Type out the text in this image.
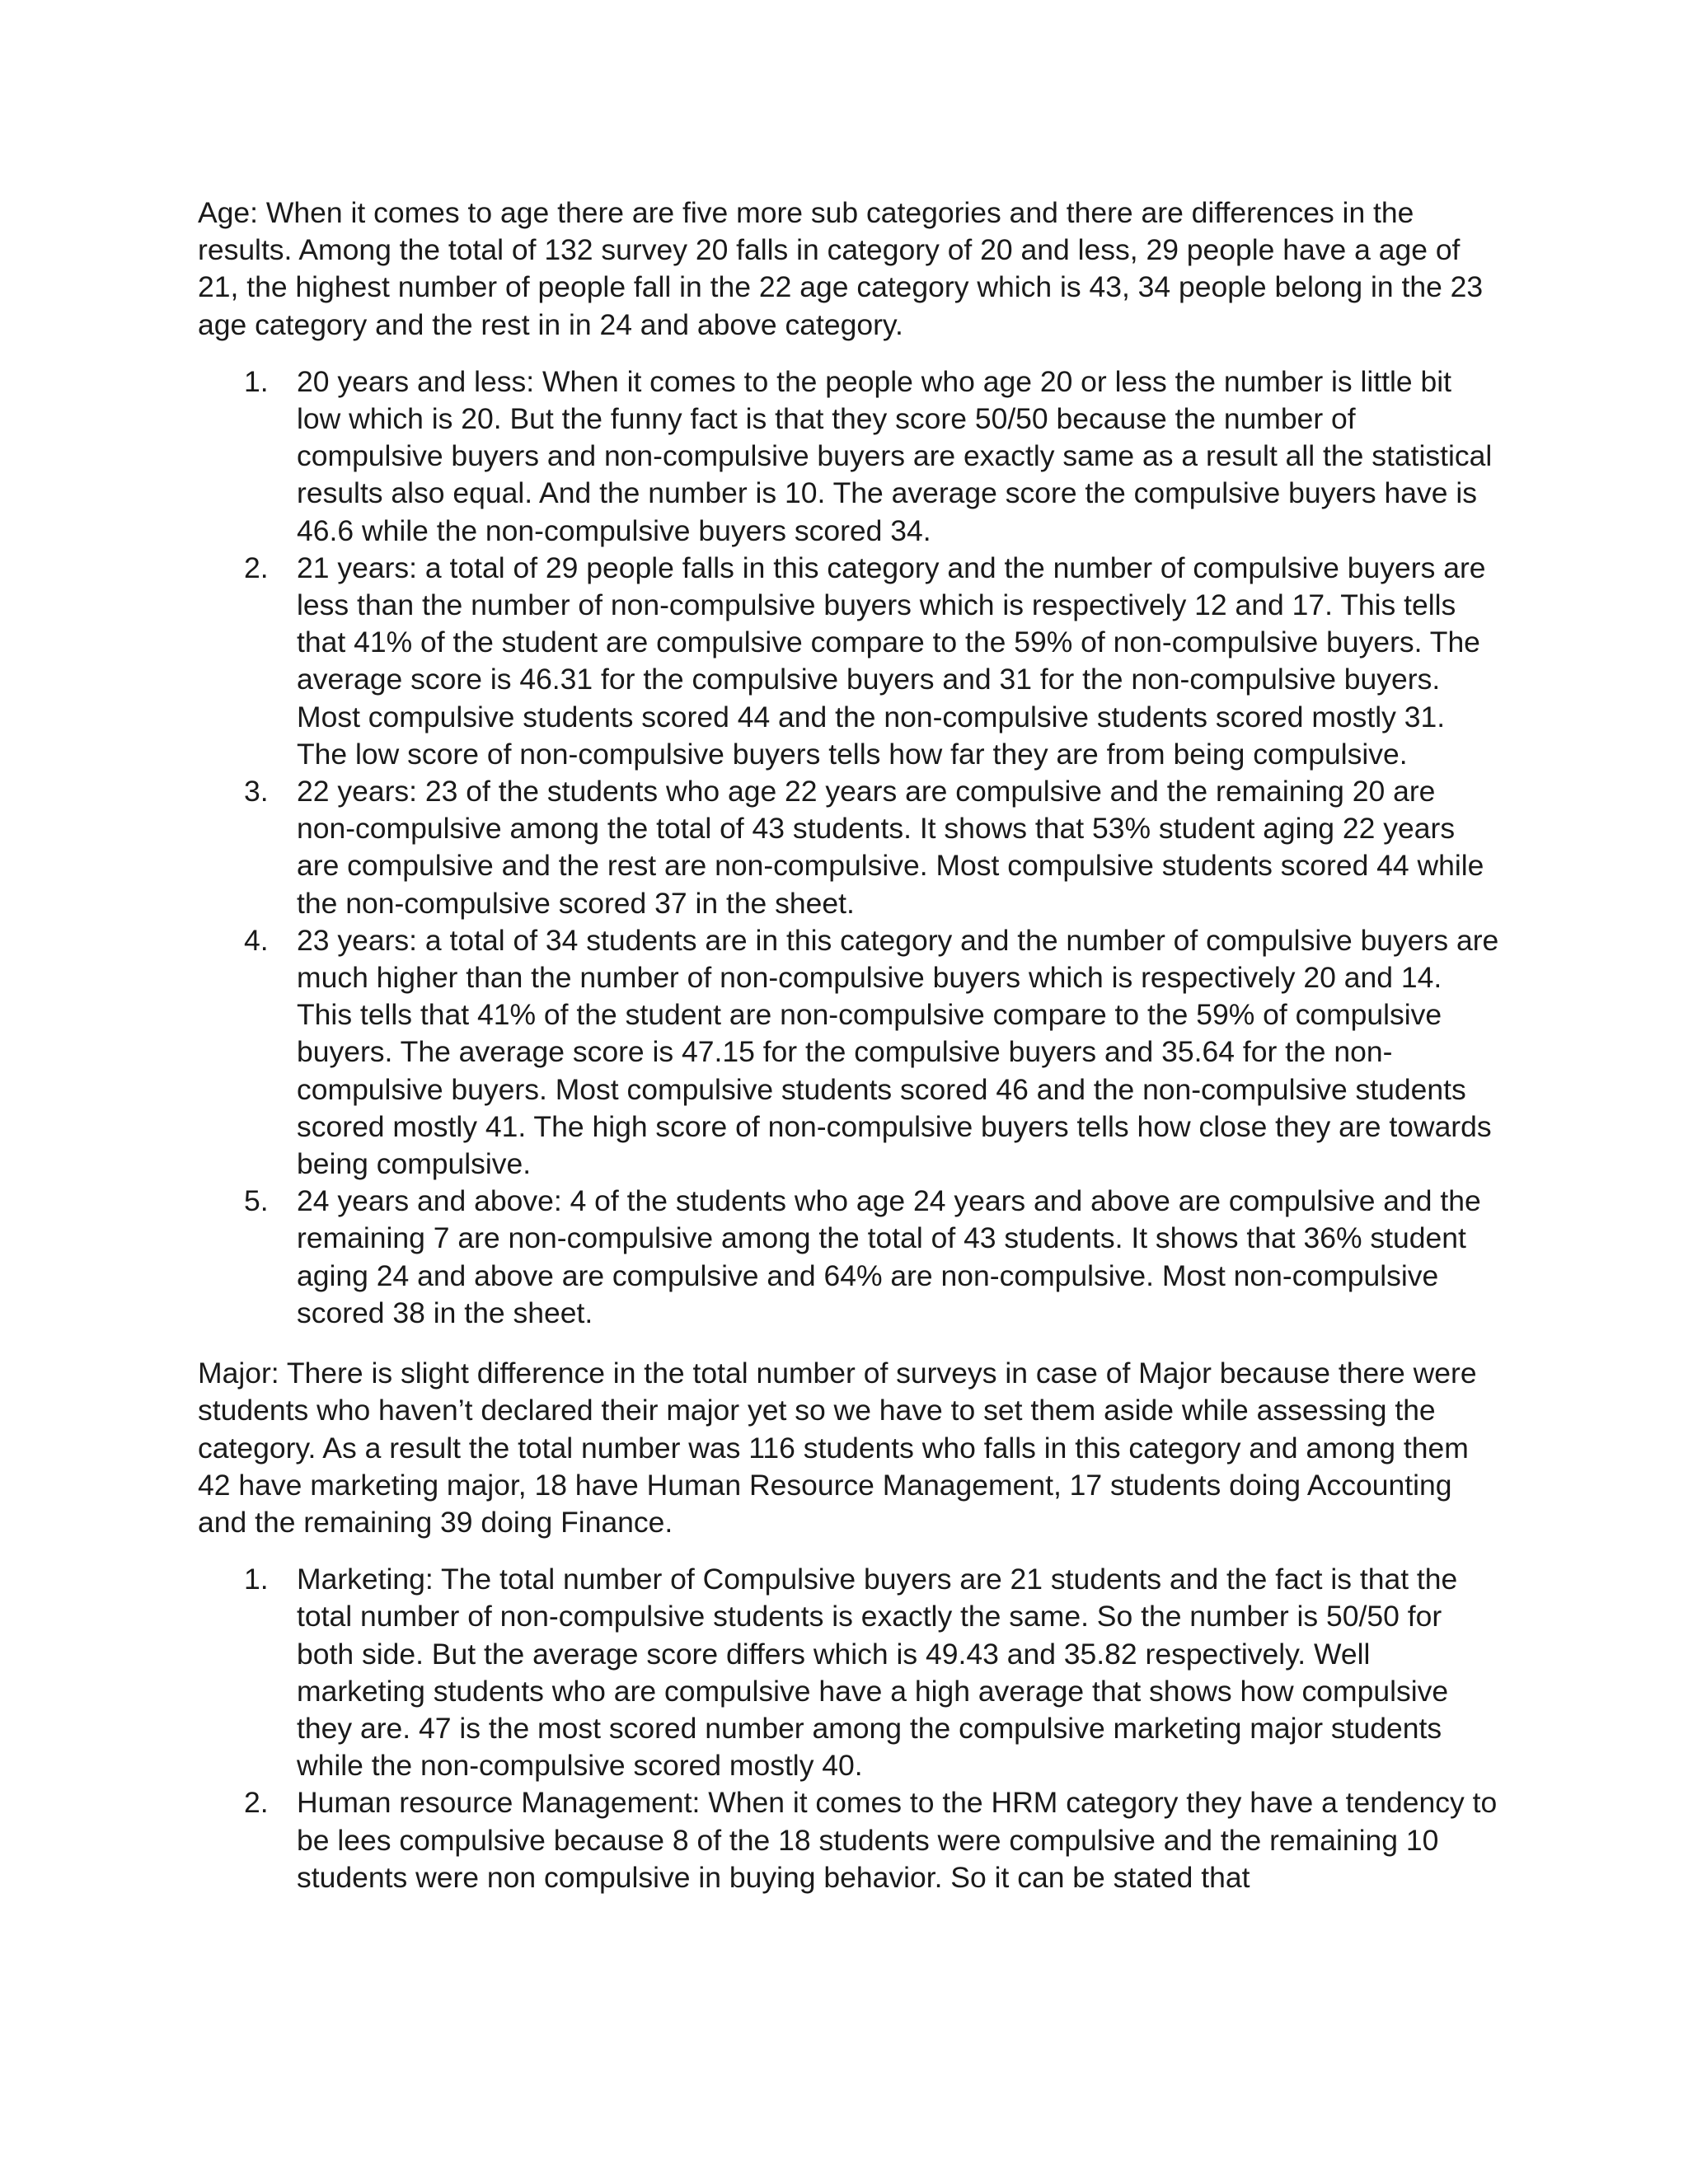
Age: When it comes to age there are five more sub categories and there are differences in the results. Among the total of 132 survey 20 falls in category of 20 and less, 29 people have a age of 21, the highest number of people fall in the 22 age category which is 43, 34 people belong in the 23 age category and the rest in in 24 and above category.

1. 20 years and less: When it comes to the people who age 20 or less the number is little bit low which is 20. But the funny fact is that they score 50/50 because the number of compulsive buyers and non-compulsive buyers are exactly same as a result all the statistical results also equal. And the number is 10. The average score the compulsive buyers have is 46.6 while the non-compulsive buyers scored 34.
2. 21 years: a total of 29 people falls in this category and the number of compulsive buyers are less than the number of non-compulsive buyers which is respectively 12 and 17. This tells that 41% of the student are compulsive compare to the 59% of non-compulsive buyers. The average score is 46.31 for the compulsive buyers and 31 for the non-compulsive buyers. Most compulsive students scored 44 and the non-compulsive students scored mostly 31. The low score of non-compulsive buyers tells how far they are from being compulsive.
3. 22 years: 23 of the students who age 22 years are compulsive and the remaining 20 are non-compulsive among the total of 43 students. It shows that 53% student aging 22 years are compulsive and the rest are non-compulsive. Most compulsive students scored 44 while the non-compulsive scored 37 in the sheet.
4. 23 years: a total of 34 students are in this category and the number of compulsive buyers are much higher than the number of non-compulsive buyers which is respectively 20 and 14. This tells that 41% of the student are non-compulsive compare to the 59% of compulsive buyers. The average score is 47.15 for the compulsive buyers and 35.64 for the non-compulsive buyers. Most compulsive students scored 46 and the non-compulsive students scored mostly 41. The high score of non-compulsive buyers tells how close they are towards being compulsive.
5. 24 years and above: 4 of the students who age 24 years and above are compulsive and the remaining 7 are non-compulsive among the total of 43 students. It shows that 36% student aging 24 and above are compulsive and 64% are non-compulsive. Most non-compulsive scored 38 in the sheet.

Major: There is slight difference in the total number of surveys in case of Major because there were students who haven’t declared their major yet so we have to set them aside while assessing the category. As a result the total number was 116 students who falls in this category and among them 42 have marketing major, 18 have Human Resource Management, 17 students doing Accounting and the remaining 39 doing Finance.

1. Marketing: The total number of Compulsive buyers are 21 students and the fact is that the total number of non-compulsive students is exactly the same. So the number is 50/50 for both side. But the average score differs which is 49.43 and 35.82 respectively. Well marketing students who are compulsive have a high average that shows how compulsive they are. 47 is the most scored number among the compulsive marketing major students while the non-compulsive scored mostly 40.
2. Human resource Management: When it comes to the HRM category they have a tendency to be lees compulsive because 8 of the 18 students were compulsive and the remaining 10 students were non compulsive in buying behavior. So it can be stated that
